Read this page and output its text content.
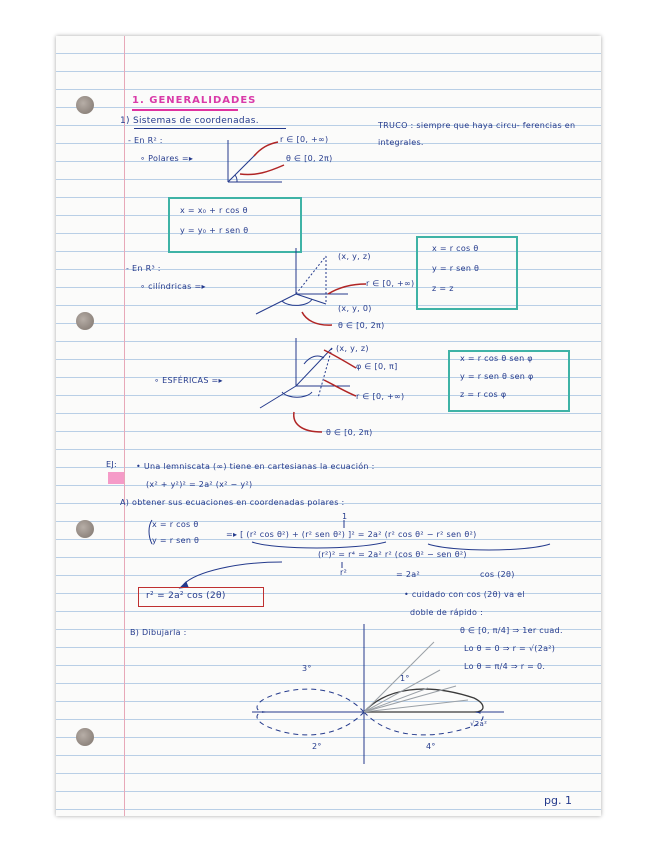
1. GENERALIDADES
1) Sistemas de coordenadas.	TRUCO : siempre que haya circu- ferencias en integrales.
- En R² :
∘ Polares =▸
r ∈ [0, +∞)
θ ∈ [0, 2π)
x = x₀ + r cos θ
y = y₀ + r sen θ
- En R³ :
∘ cilíndricas =▸
(x, y, z)
r ∈ [0, +∞)
(x, y, 0)
θ ∈ [0, 2π)
x = r cos θ
y = r sen θ
z = z
∘ ESFÉRICAS =▸
(x, y, z)
φ ∈ [0, π]
r ∈ [0, +∞)
θ ∈ [0, 2π)
x = r cos θ sen φ
y = r sen θ sen φ
z = r cos φ
EJ: • Una lemniscata (∞) tiene en cartesianas la ecuación :
(x² + y²)² = 2a² (x² − y²)
A) obtener sus ecuaciones en coordenadas polares :
x = r cos θ
y = r sen θ
1
=▸ [ (r² cos θ²) + (r² sen θ²) ]² = 2a² (r² cos θ² − r² sen θ²)
(r²)² = r⁴ = 2a² r² (cos θ² − sen θ²)
r²	= 2a²	cos (2θ)
r² = 2a² cos (2θ)	• cuidado con cos (2θ) va el
doble de rápido :
B) Dibujarla :	θ ∈ [0, π/4] ⇒ 1er cuad.
Lo θ = 0 ⇒ r = √(2a²)
Lo θ = π/4 ⇒ r = 0.
3°
1°
2°	4°
√2a²
pg. 1
